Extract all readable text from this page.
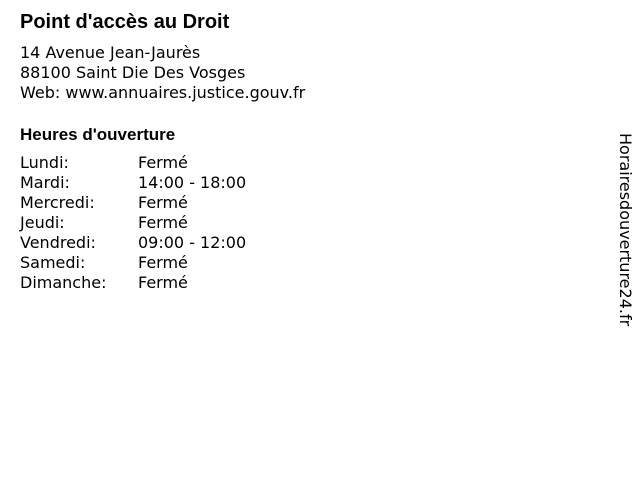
Point d'accès au Droit
14 Avenue Jean-Jaurès
88100 Saint Die Des Vosges
Web: www.annuaires.justice.gouv.fr
Heures d'ouverture
Lundi:	Fermé
Mardi:	14:00 - 18:00
Mercredi:	Fermé
Jeudi:	Fermé
Vendredi:	09:00 - 12:00
Samedi:	Fermé
Dimanche: Fermé	Horairesdouverture24.fr
